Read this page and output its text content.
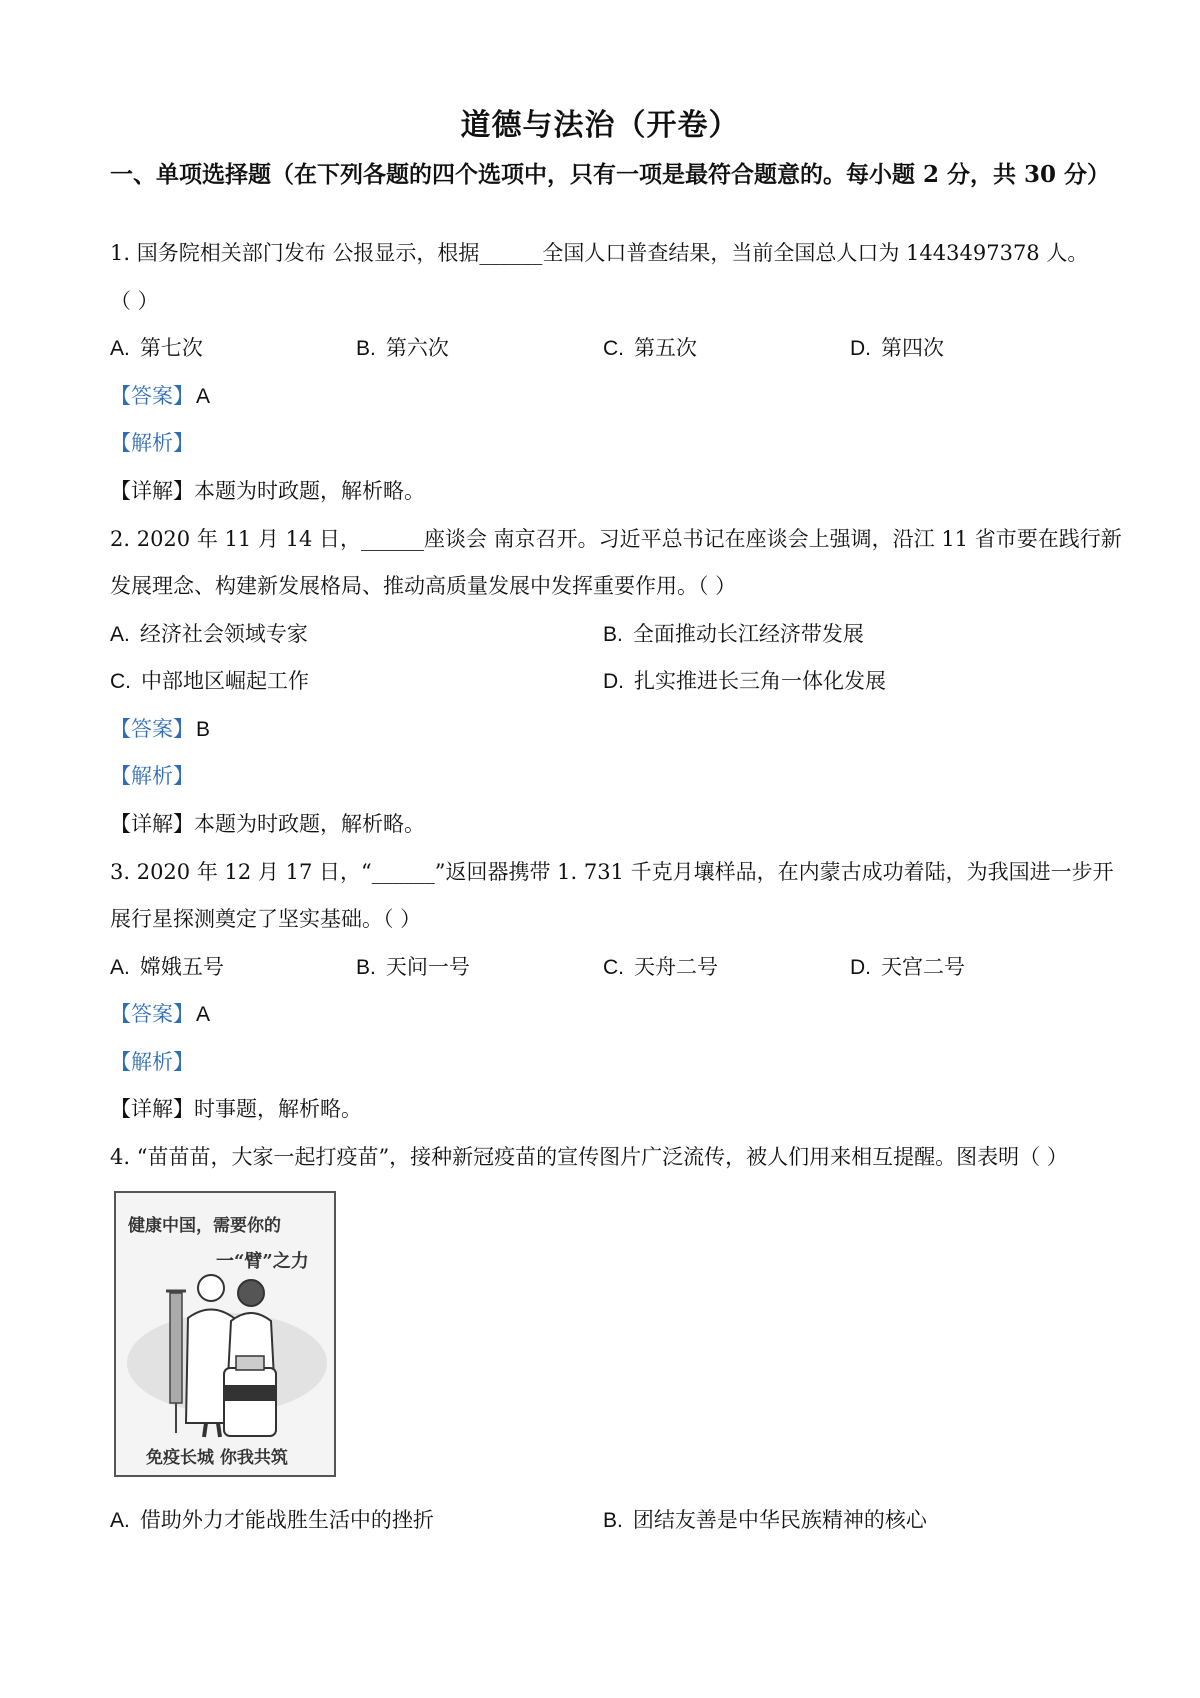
道德与法治（开卷）
一、单项选择题（在下列各题的四个选项中，只有一项是最符合题意的。每小题 2 分，共 30 分）
1. 国务院相关部门发布 公报显示，根据______全国人口普查结果，当前全国总人口为 1443497378 人。
（ ）
A. 第七次	B. 第六次	C. 第五次	D. 第四次
【答案】A
【解析】
【详解】本题为时政题，解析略。
2. 2020 年 11 月 14 日，______座谈会 南京召开。习近平总书记在座谈会上强调，沿江 11 省市要在践行新
发展理念、构建新发展格局、推动高质量发展中发挥重要作用。（ ）
A. 经济社会领域专家	B. 全面推动长江经济带发展
C. 中部地区崛起工作	D. 扎实推进长三角一体化发展
【答案】B
【解析】
【详解】本题为时政题，解析略。
3. 2020 年 12 月 17 日，“______”返回器携带 1. 731 千克月壤样品，在内蒙古成功着陆，为我国进一步开
展行星探测奠定了坚实基础。（ ）
A. 嫦娥五号	B. 天问一号	C. 天舟二号	D. 天宫二号
【答案】A
【解析】
【详解】时事题，解析略。
4. “苗苗苗，大家一起打疫苗”，接种新冠疫苗的宣传图片广泛流传，被人们用来相互提醒。图表明（ ）
健康中国，需要你的
一“臂”之力
免疫长城 你我共筑
A. 借助外力才能战胜生活中的挫折	B. 团结友善是中华民族精神的核心
